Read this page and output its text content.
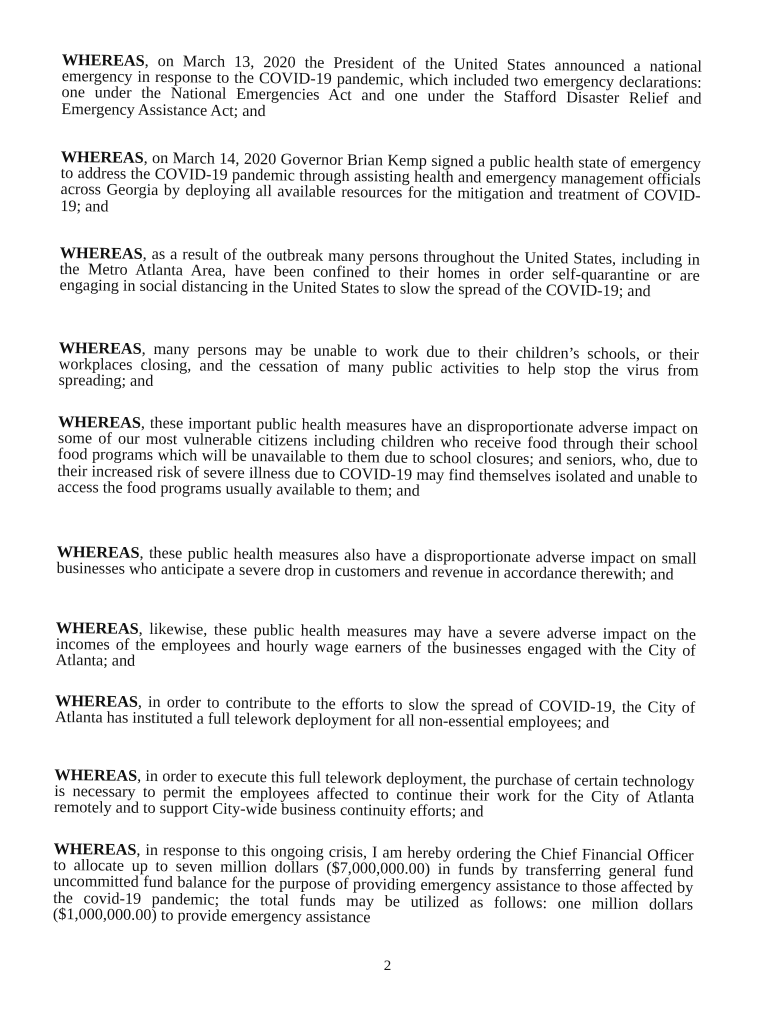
WHEREAS, on March 13, 2020 the President of the United States announced a national emergency in response to the COVID-19 pandemic, which included two emergency declarations: one under the National Emergencies Act and one under the Stafford Disaster Relief and Emergency Assistance Act; and

WHEREAS, on March 14, 2020 Governor Brian Kemp signed a public health state of emergency to address the COVID-19 pandemic through assisting health and emergency management officials across Georgia by deploying all available resources for the mitigation and treatment of COVID-19; and

WHEREAS, as a result of the outbreak many persons throughout the United States, including in the Metro Atlanta Area, have been confined to their homes in order self-quarantine or are engaging in social distancing in the United States to slow the spread of the COVID-19; and

WHEREAS, many persons may be unable to work due to their children’s schools, or their workplaces closing, and the cessation of many public activities to help stop the virus from spreading; and

WHEREAS, these important public health measures have an disproportionate adverse impact on some of our most vulnerable citizens including children who receive food through their school food programs which will be unavailable to them due to school closures; and seniors, who, due to their increased risk of severe illness due to COVID-19 may find themselves isolated and unable to access the food programs usually available to them; and

WHEREAS, these public health measures also have a disproportionate adverse impact on small businesses who anticipate a severe drop in customers and revenue in accordance therewith; and

WHEREAS, likewise, these public health measures may have a severe adverse impact on the incomes of the employees and hourly wage earners of the businesses engaged with the City of Atlanta; and

WHEREAS, in order to contribute to the efforts to slow the spread of COVID-19, the City of Atlanta has instituted a full telework deployment for all non-essential employees; and

WHEREAS, in order to execute this full telework deployment, the purchase of certain technology is necessary to permit the employees affected to continue their work for the City of Atlanta remotely and to support City-wide business continuity efforts; and

WHEREAS, in response to this ongoing crisis, I am hereby ordering the Chief Financial Officer to allocate up to seven million dollars ($7,000,000.00) in funds by transferring general fund uncommitted fund balance for the purpose of providing emergency assistance to those affected by the covid-19 pandemic; the total funds may be utilized as follows: one million dollars ($1,000,000.00) to provide emergency assistance

2
